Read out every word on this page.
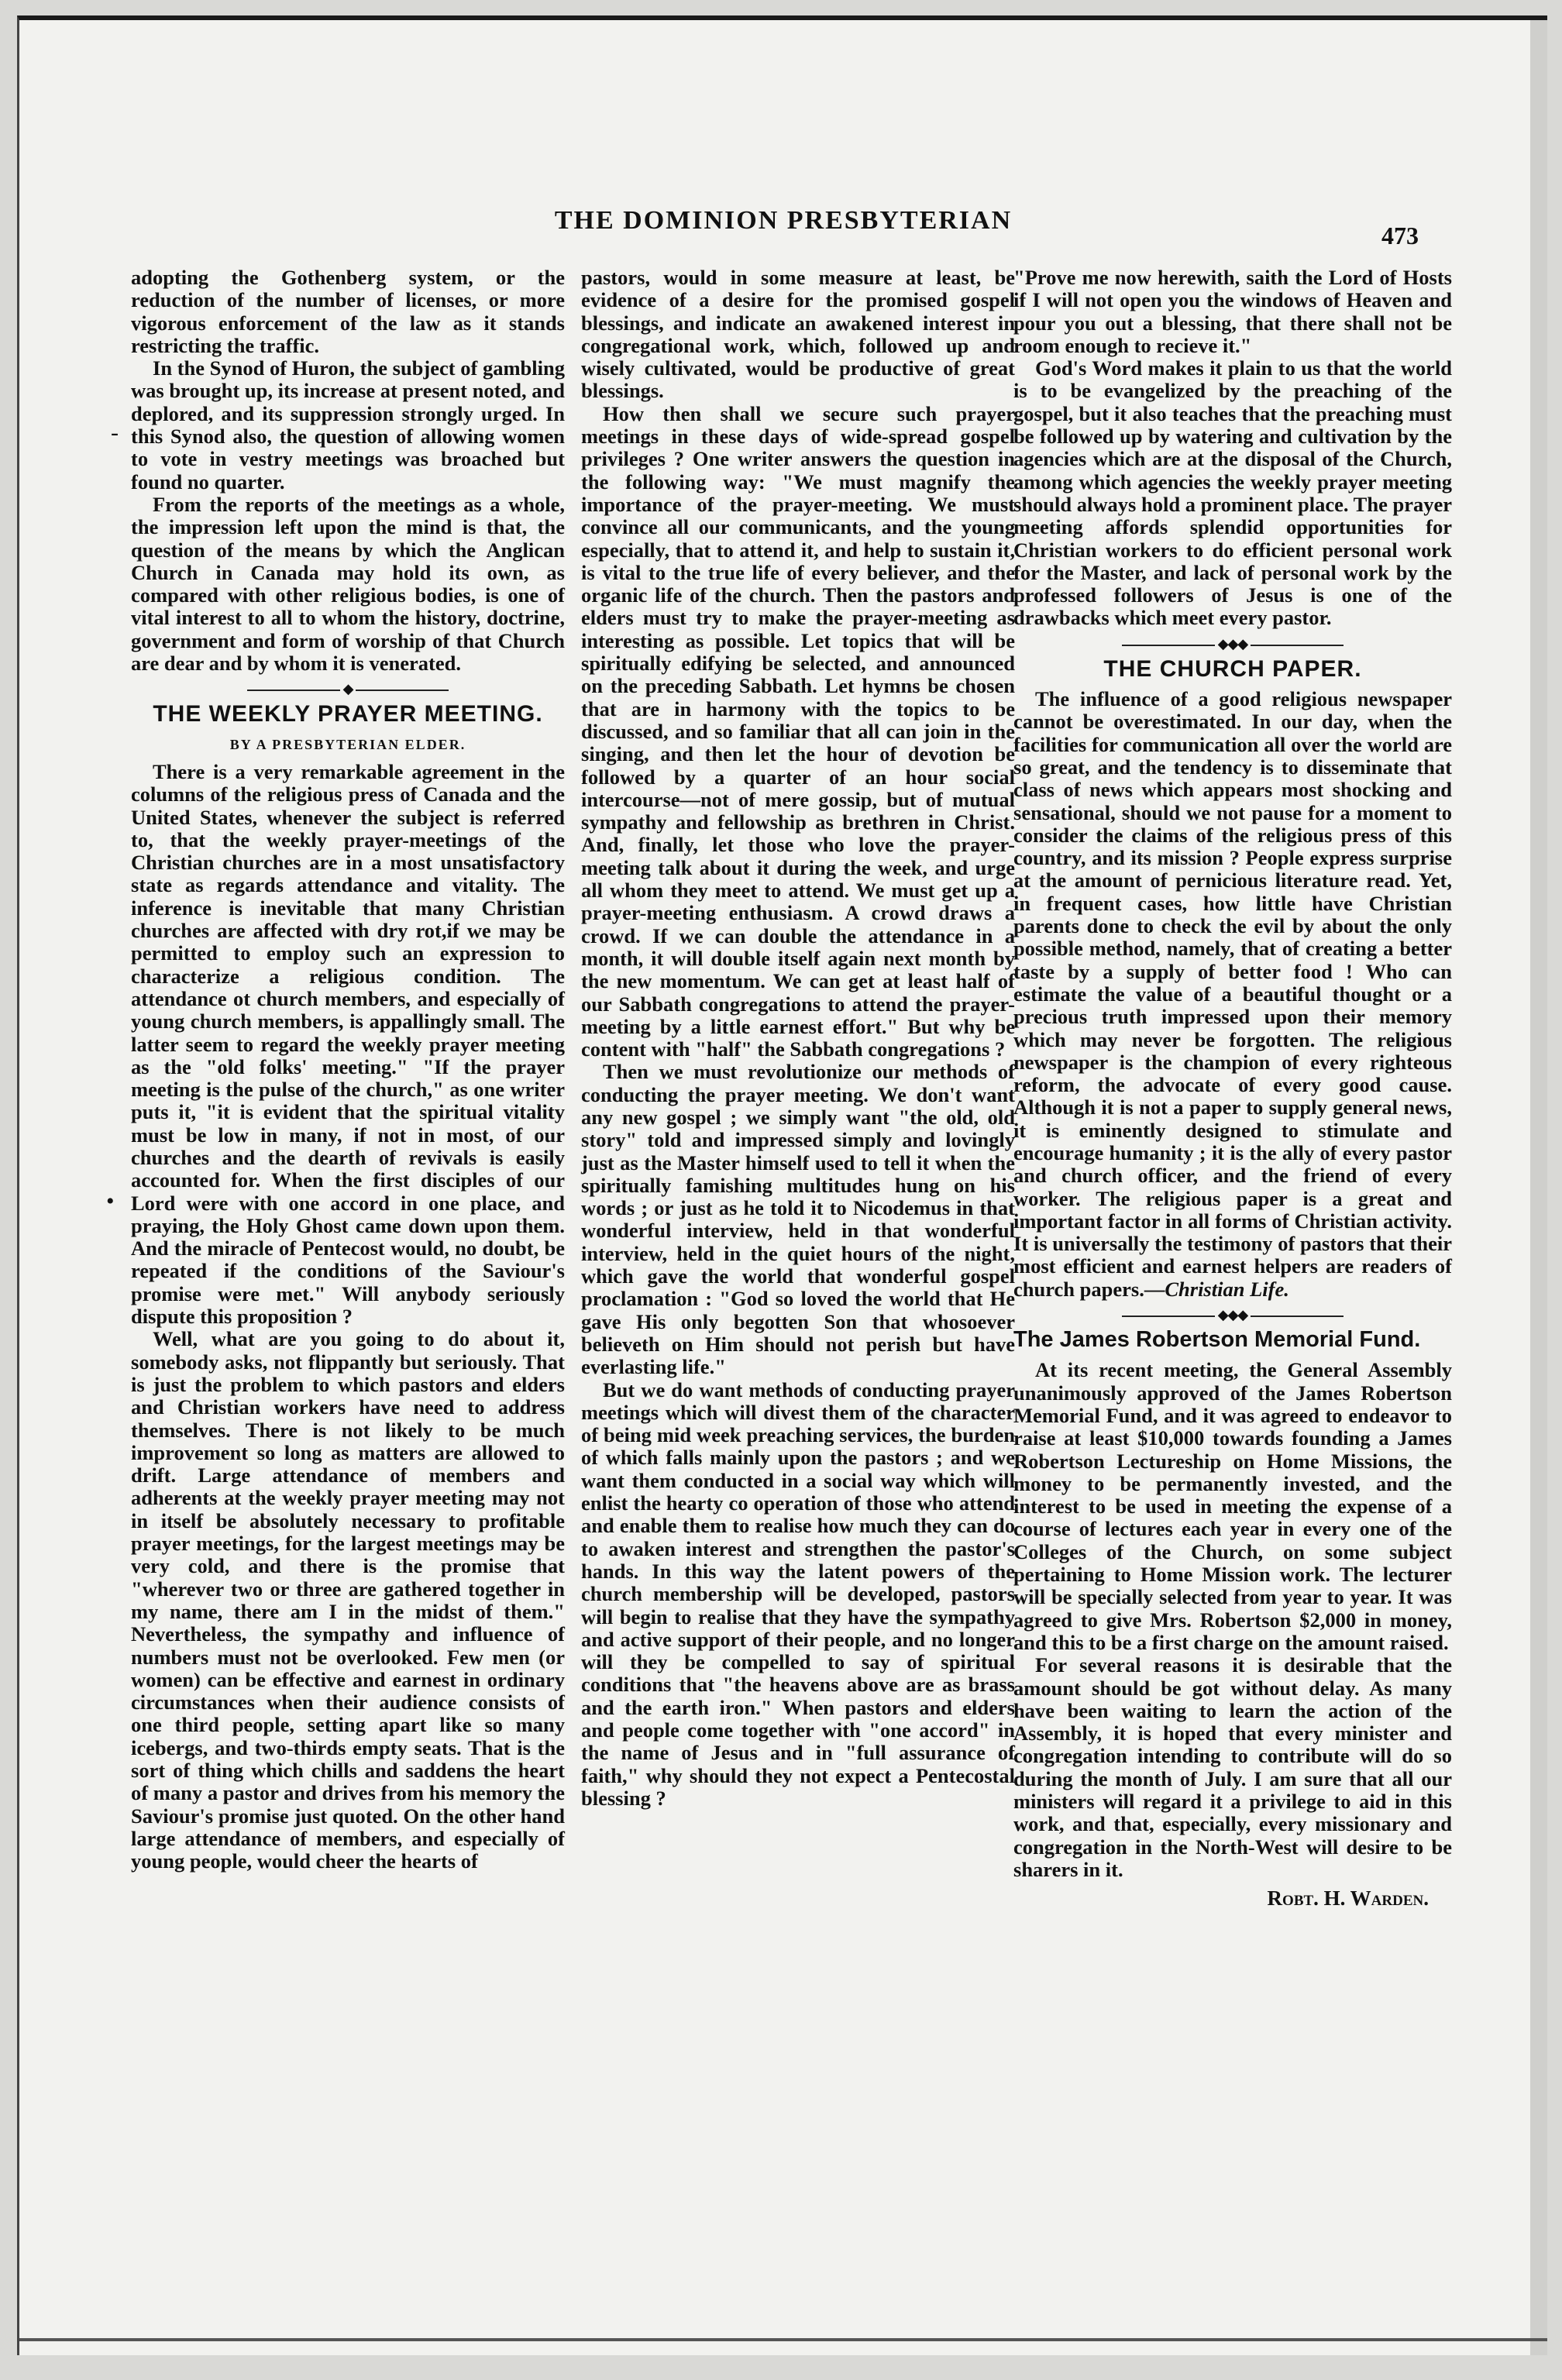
THE DOMINION PRESBYTERIAN
473
-
•

adopting the Gothenberg system, or the reduction of the number of licenses, or more vigorous enforcement of the law as it stands restricting the traffic.

In the Synod of Huron, the subject of gambling was brought up, its increase at present noted, and deplored, and its suppression strongly urged. In this Synod also, the question of allowing women to vote in vestry meetings was broached but found no quarter.

From the reports of the meetings as a whole, the impression left upon the mind is that, the question of the means by which the Anglican Church in Canada may hold its own, as compared with other religious bodies, is one of vital interest to all to whom the history, doctrine, government and form of worship of that Church are dear and by whom it is venerated.

◆
THE WEEKLY PRAYER MEETING.
BY A PRESBYTERIAN ELDER.

There is a very remarkable agreement in the columns of the religious press of Canada and the United States, whenever the subject is referred to, that the weekly prayer-meetings of the Christian churches are in a most unsatisfactory state as regards attendance and vitality. The inference is inevitable that many Christian churches are affected with dry rot,if we may be permitted to employ such an expression to characterize a religious condition. The attendance ot church members, and especially of young church members, is appallingly small. The latter seem to regard the weekly prayer meeting as the "old folks' meeting." "If the prayer meeting is the pulse of the church," as one writer puts it, "it is evident that the spiritual vitality must be low in many, if not in most, of our churches and the dearth of revivals is easily accounted for. When the first disciples of our Lord were with one accord in one place, and praying, the Holy Ghost came down upon them. And the miracle of Pentecost would, no doubt, be repeated if the conditions of the Saviour's promise were met." Will anybody seriously dispute this proposition ?

Well, what are you going to do about it, somebody asks, not flippantly but seriously. That is just the problem to which pastors and elders and Christian workers have need to address themselves. There is not likely to be much improvement so long as matters are allowed to drift. Large attendance of members and adherents at the weekly prayer meeting may not in itself be absolutely necessary to profitable prayer meetings, for the largest meetings may be very cold, and there is the promise that "wherever two or three are gathered together in my name, there am I in the midst of them." Nevertheless, the sympathy and influence of numbers must not be overlooked. Few men (or women) can be effective and earnest in ordinary circumstances when their audience consists of one third people, setting apart like so many icebergs, and two-thirds empty seats. That is the sort of thing which chills and saddens the heart of many a pastor and drives from his memory the Saviour's promise just quoted. On the other hand large attendance of members, and especially of young people, would cheer the hearts of

pastors, would in some measure at least, be evidence of a desire for the promised gospel blessings, and indicate an awakened interest in congregational work, which, followed up and wisely cultivated, would be productive of great blessings.

How then shall we secure such prayer meetings in these days of wide-spread gospel privileges ? One writer answers the question in the following way: "We must magnify the importance of the prayer-meeting. We must convince all our communicants, and the young especially, that to attend it, and help to sustain it, is vital to the true life of every believer, and the organic life of the church. Then the pastors and elders must try to make the prayer-meeting as interesting as possible. Let topics that will be spiritually edifying be selected, and announced on the preceding Sabbath. Let hymns be chosen that are in harmony with the topics to be discussed, and so familiar that all can join in the singing, and then let the hour of devotion be followed by a quarter of an hour social intercourse—not of mere gossip, but of mutual sympathy and fellowship as brethren in Christ. And, finally, let those who love the prayer-meeting talk about it during the week, and urge all whom they meet to attend. We must get up a prayer-meeting enthusiasm. A crowd draws a crowd. If we can double the attendance in a month, it will double itself again next month by the new momentum. We can get at least half of our Sabbath congregations to attend the prayer-meeting by a little earnest effort." But why be content with "half" the Sabbath congregations ?

Then we must revolutionize our methods of conducting the prayer meeting. We don't want any new gospel ; we simply want "the old, old story" told and impressed simply and lovingly just as the Master himself used to tell it when the spiritually famishing multitudes hung on his words ; or just as he told it to Nicodemus in that wonderful interview, held in that wonderful interview, held in the quiet hours of the night, which gave the world that wonderful gospel proclamation : "God so loved the world that He gave His only begotten Son that whosoever believeth on Him should not perish but have everlasting life."

But we do want methods of conducting prayer meetings which will divest them of the character of being mid week preaching services, the burden of which falls mainly upon the pastors ; and we want them conducted in a social way which will enlist the hearty co operation of those who attend and enable them to realise how much they can do to awaken interest and strengthen the pastor's hands. In this way the latent powers of the church membership will be developed, pastors will begin to realise that they have the sympathy and active support of their people, and no longer will they be compelled to say of spiritual conditions that "the heavens above are as brass and the earth iron." When pastors and elders and people come together with "one accord" in the name of Jesus and in "full assurance of faith," why should they not expect a Pentecostal blessing ?

"Prove me now herewith, saith the Lord of Hosts if I will not open you the windows of Heaven and pour you out a blessing, that there shall not be room enough to recieve it."

God's Word makes it plain to us that the world is to be evangelized by the preaching of the gospel, but it also teaches that the preaching must be followed up by watering and cultivation by the agencies which are at the disposal of the Church, among which agencies the weekly prayer meeting should always hold a prominent place. The prayer meeting affords splendid opportunities for Christian workers to do efficient personal work for the Master, and lack of personal work by the professed followers of Jesus is one of the drawbacks which meet every pastor.

◆◆◆
THE CHURCH PAPER.

The influence of a good religious newspaper cannot be overestimated. In our day, when the facilities for communication all over the world are so great, and the tendency is to disseminate that class of news which appears most shocking and sensational, should we not pause for a moment to consider the claims of the religious press of this country, and its mission ? People express surprise at the amount of pernicious literature read. Yet, in frequent cases, how little have Christian parents done to check the evil by about the only possible method, namely, that of creating a better taste by a supply of better food ! Who can estimate the value of a beautiful thought or a precious truth impressed upon their memory which may never be forgotten. The religious newspaper is the champion of every righteous reform, the advocate of every good cause. Although it is not a paper to supply general news, it is eminently designed to stimulate and encourage humanity ; it is the ally of every pastor and church officer, and the friend of every worker. The religious paper is a great and important factor in all forms of Christian activity. It is universally the testimony of pastors that their most efficient and earnest helpers are readers of church papers.—Christian Life.

◆◆◆
The James Robertson Memorial Fund.

At its recent meeting, the General Assembly unanimously approved of the James Robertson Memorial Fund, and it was agreed to endeavor to raise at least $10,000 towards founding a James Robertson Lectureship on Home Missions, the money to be permanently invested, and the interest to be used in meeting the expense of a course of lectures each year in every one of the Colleges of the Church, on some subject pertaining to Home Mission work. The lecturer will be specially selected from year to year. It was agreed to give Mrs. Robertson $2,000 in money, and this to be a first charge on the amount raised.

For several reasons it is desirable that the amount should be got without delay. As many have been waiting to learn the action of the Assembly, it is hoped that every minister and congregation intending to contribute will do so during the month of July. I am sure that all our ministers will regard it a privilege to aid in this work, and that, especially, every missionary and congregation in the North-West will desire to be sharers in it.

Robt. H. Warden.
